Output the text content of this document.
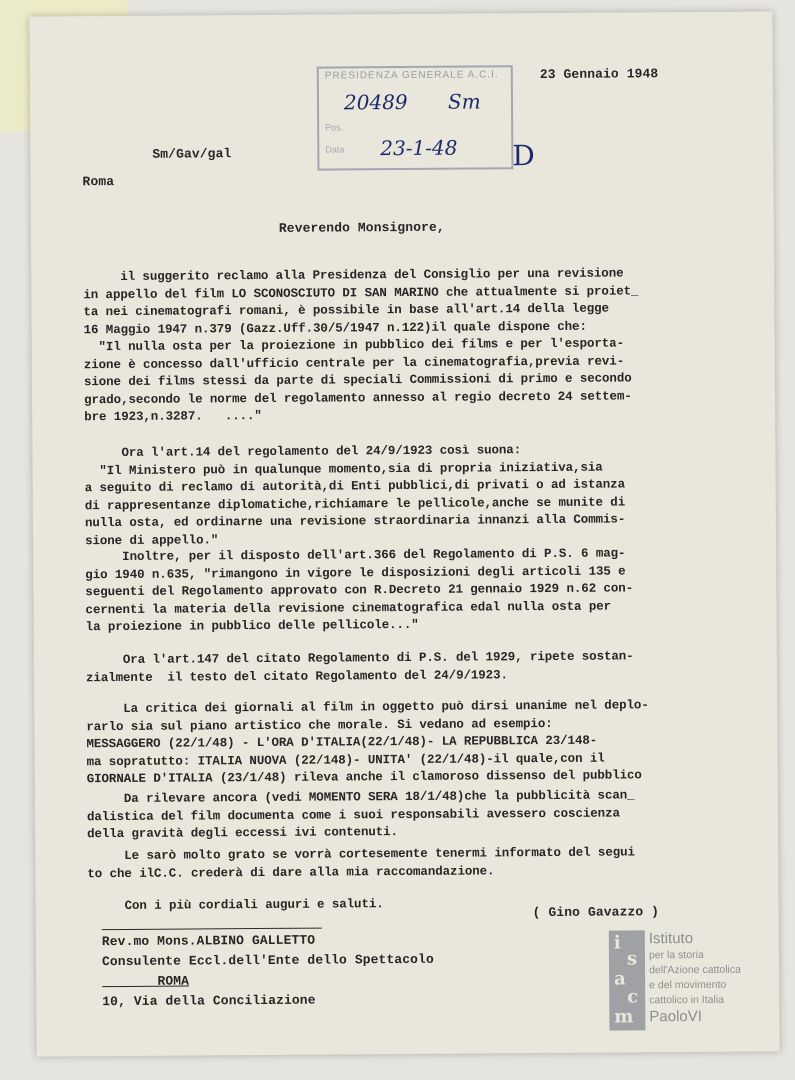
PRESIDENZA GENERALE A.C.I.
Pos.
Data
20489 Sm
23-1-48 D
23 Gennaio 1948
Sm/Gav/gal
Roma
Reverendo Monsignore,
il suggerito reclamo alla Presidenza del Consiglio per una revisione
in appello del film LO SCONOSCIUTO DI SAN MARINO che attualmente si proiet_
ta nei cinematografi romani, è possibile in base all'art.14 della legge
16 Maggio 1947 n.379 (Gazz.Uff.30/5/1947 n.122)il quale dispone che:
"Il nulla osta per la proiezione in pubblico dei films e per l'esporta-
zione è concesso dall'ufficio centrale per la cinematografia,previa revi-
sione dei films stessi da parte di speciali Commissioni di primo e secondo
grado,secondo le norme del regolamento annesso al regio decreto 24 settem-
bre 1923,n.3287.   ...."
Ora l'art.14 del regolamento del 24/9/1923 così suona:
"Il Ministero può in qualunque momento,sia di propria iniziativa,sia
a seguito di reclamo di autorità,di Enti pubblici,di privati o ad istanza
di rappresentanze diplomatiche,richiamare le pellicole,anche se munite di
nulla osta, ed ordinarne una revisione straordinaria innanzi alla Commis-
sione di appello."
Inoltre, per il disposto dell'art.366 del Regolamento di P.S. 6 mag-
gio 1940 n.635, "rimangono in vigore le disposizioni degli articoli 135 e
seguenti del Regolamento approvato con R.Decreto 21 gennaio 1929 n.62 con-
cernenti la materia della revisione cinematografica edal nulla osta per
la proiezione in pubblico delle pellicole..."
Ora l'art.147 del citato Regolamento di P.S. del 1929, ripete sostan-
zialmente  il testo del citato Regolamento del 24/9/1923.
La critica dei giornali al film in oggetto può dirsi unanime nel deplo-
rarlo sia sul piano artistico che morale. Si vedano ad esempio:
MESSAGGERO (22/1/48) - L'ORA D'ITALIA(22/1/48)- LA REPUBBLICA 23/148-
ma sopratutto: ITALIA NUOVA (22/148)- UNITA' (22/1/48)-il quale,con il
GIORNALE D'ITALIA (23/1/48) rileva anche il clamoroso dissenso del pubblico
Da rilevare ancora (vedi MOMENTO SERA 18/1/48)che la pubblicità scan_
dalistica del film documenta come i suoi responsabili avessero coscienza
della gravità degli eccessi ivi contenuti.
Le sarò molto grato se vorrà cortesemente tenermi informato del segui
to che ilC.C. crederà di dare alla mia raccomandazione.
Con i più cordiali auguri e saluti.	( Gino Gavazzo )
Rev.mo Mons.ALBINO GALLETTO
Consulente Eccl.dell'Ente dello Spettacolo
ROMA
10, Via della Conciliazione
i
s
a
c
m
Istituto
per la storia
dell'Azione cattolica
e del movimento
cattolico in Italia
PaoloVI
